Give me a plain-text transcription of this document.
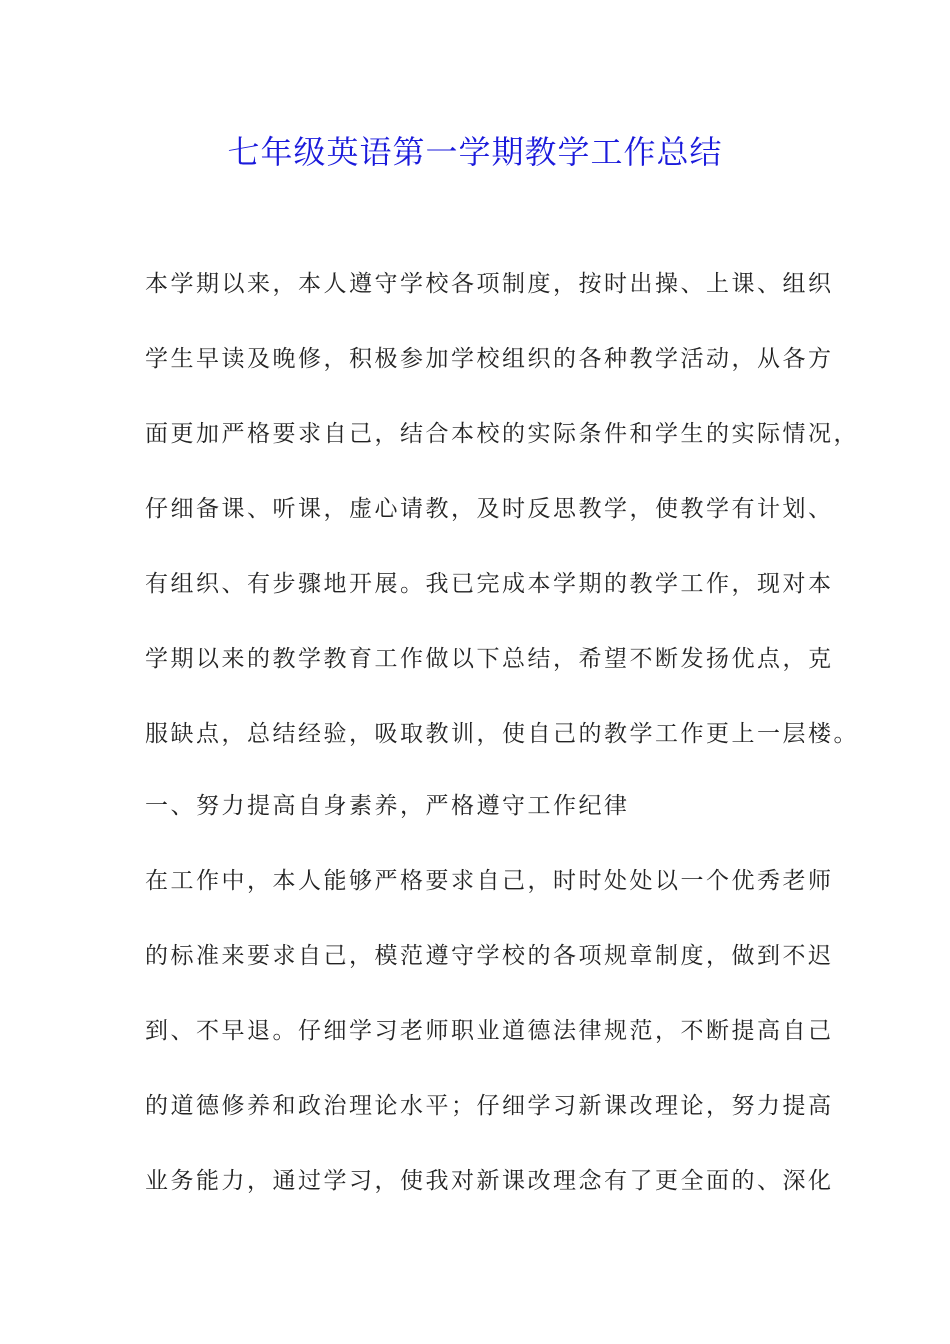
七年级英语第一学期教学工作总结
本学期以来，本人遵守学校各项制度，按时出操、上课、组织
学生早读及晚修，积极参加学校组织的各种教学活动，从各方
面更加严格要求自己，结合本校的实际条件和学生的实际情况，
仔细备课、听课，虚心请教，及时反思教学，使教学有计划、
有组织、有步骤地开展。我已完成本学期的教学工作，现对本
学期以来的教学教育工作做以下总结，希望不断发扬优点，克
服缺点，总结经验，吸取教训，使自己的教学工作更上一层楼。
一、努力提高自身素养，严格遵守工作纪律
在工作中，本人能够严格要求自己，时时处处以一个优秀老师
的标准来要求自己，模范遵守学校的各项规章制度，做到不迟
到、不早退。仔细学习老师职业道德法律规范，不断提高自己
的道德修养和政治理论水平；仔细学习新课改理论，努力提高
业务能力，通过学习，使我对新课改理念有了更全面的、深化
